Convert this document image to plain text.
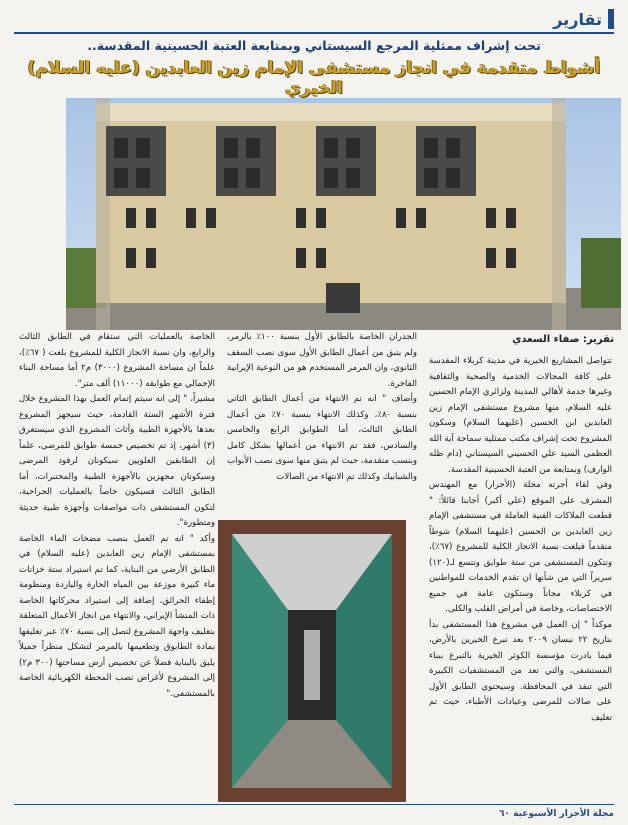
تقارير
تحت إشراف ممثلية المرجع السيستاني وبمتابعة العتبة الحسينية المقدسة..
أشواط متقدمة في انجاز مستشفى الإمام زين العابدين (عليه السلام) الخيري
تقرير: صفاء السعدي

تتواصل المشاريع الخيرية في مدينة كربلاء المقدسة على كافة المجالات الخدمية والصحية والثقافية وغيرها خدمة لأهالي المدينة ولزائري الإمام الحسين عليه السلام، منها مشروع مستشفى الإمام زين العابدين ابن الحسين (عليهما السلام) وسكون المشروع تحت إشراف مكتب ممثلية سماحة آية الله العظمى السيد علي الحسيني السيستاني (دام ظله الوارف) وبمتابعة من العتبة الحسينية المقدسة.

وفي لقاء أجرته مجلة (الأحرار) مع المهندس المشرف على الموقع (علي أكبر) أجابنا قائلاً: " قطعت الملاكات الفنية العاملة في مستشفى الإمام زين العابدين بن الحسين (عليهما السلام) شوطاً متقدماً فبلغت نسبة الانجاز الكلية للمشروع (٦٧٪)، وتتكون المستشفى من ستة طوابق وتتسع لـ(١٢٠) سريراً التي من شأنها ان تقدم الخدمات للمواطنين في كربلاء مجاناً وستكون عامة في جميع الاختصاصات، وخاصة في أمراض القلب والكلى.

موكداً " إن العمل في مشروع هذا المستشفى بدأ بتاريخ ٢٢ نيسان ٢٠٠٩ بعد تبرع الخيرين بالأرض، فيما بادرت مؤسسة الكوثر الخيرية بالتبرع ببناء المستشفى، والتي تعد من المستشفيات الكبيرة التي تنفذ في المحافظة. وسيحتوي الطابق الأول على صالات للمرضى وعيادات الأطباء، حيث تم تغليف

الجدران الخاصة بالطابق الأول بنسبة ١٠٠٪ بالرمر، ولم يتبق من أعمال الطابق الأول سوى نصب السقف الثانوي، وان المرمر المستخدم هو من النوعية الإيرانية الفاخرة.

وأضاف " انه تم الانتهاء من أعمال الطابق الثاني بنسبة ٨٠٪، وكذلك الانتهاء بنسبة ٧٠٪ من أعمال الطابق الثالث، أما الطوابق الرابع والخامس والسادس، فقد تم الانتهاء من أعمالها بشكل كامل وبنسب متقدمة، حيث لم يتبق منها سوى نصب الأبواب والشبابيك وكذلك تم الانتهاء من الصالات

الخاصة بالعمليات التي ستقام في الطابق الثالث والرابع، وان نسبة الانجاز الكلية للمشروع بلغت ( ٦٧٪)، علماً ان مساحة المشروع (٣٠٠٠) م٢ أما مساحة البناء الإجمالي مع طوابقه (١١٠٠٠) ألف متر".

مشيراً، " إلى انه سيتم إتمام العمل بهذا المشروع خلال فترة الأشهر الستة القادمة، حيث سيجهز المشروع بعدها بالأجهزة الطبية وأثاث المشروع الذي سيستغرق (٣) أشهر، إذ تم تخصيص خمسة طوابق للمرضى، علماً إن الطابقين العلويين سيكونان لرقود المرضى وسيكونان مجهزين بالأجهزة الطبية والمختبرات، أما الطابق الثالث فسيكون خاصاً بالعمليات الجراحية، لتكون المستشفى ذات مواصفات وأجهزة طبية حديثة ومتطورة".

وأكد " انه تم العمل بنصب مضخات الماء الخاصة بمستشفى الإمام زين العابدين (عليه السلام) في الطابق الأرضي من البناية، كما تم استيراد ستة خزانات ماء كبيرة موزعة بين المياه الحارة والباردة ومنظومة إطفاء الحرائق، إضافة إلى استيراد محركاتها الخاصة ذات المنشأ الإيراني، والانتهاء من انجاز الأعمال المتعلقة بتغليف واجهة المشروع لتصل إلى نسبة ٧٠٪ عبر تغليفها بمادة الطابوق وتطعيمها بالمرمر لتشكل منظراً جميلاً يليق بالبناية فضلاً عن تخصيص أرض مساحتها (٣٠٠ م٢) إلى المشروع لأغراض نصب المحطة الكهربائية الخاصة بالمستشفى."

مجلة الأحرار الأسبوعية ٦٠
